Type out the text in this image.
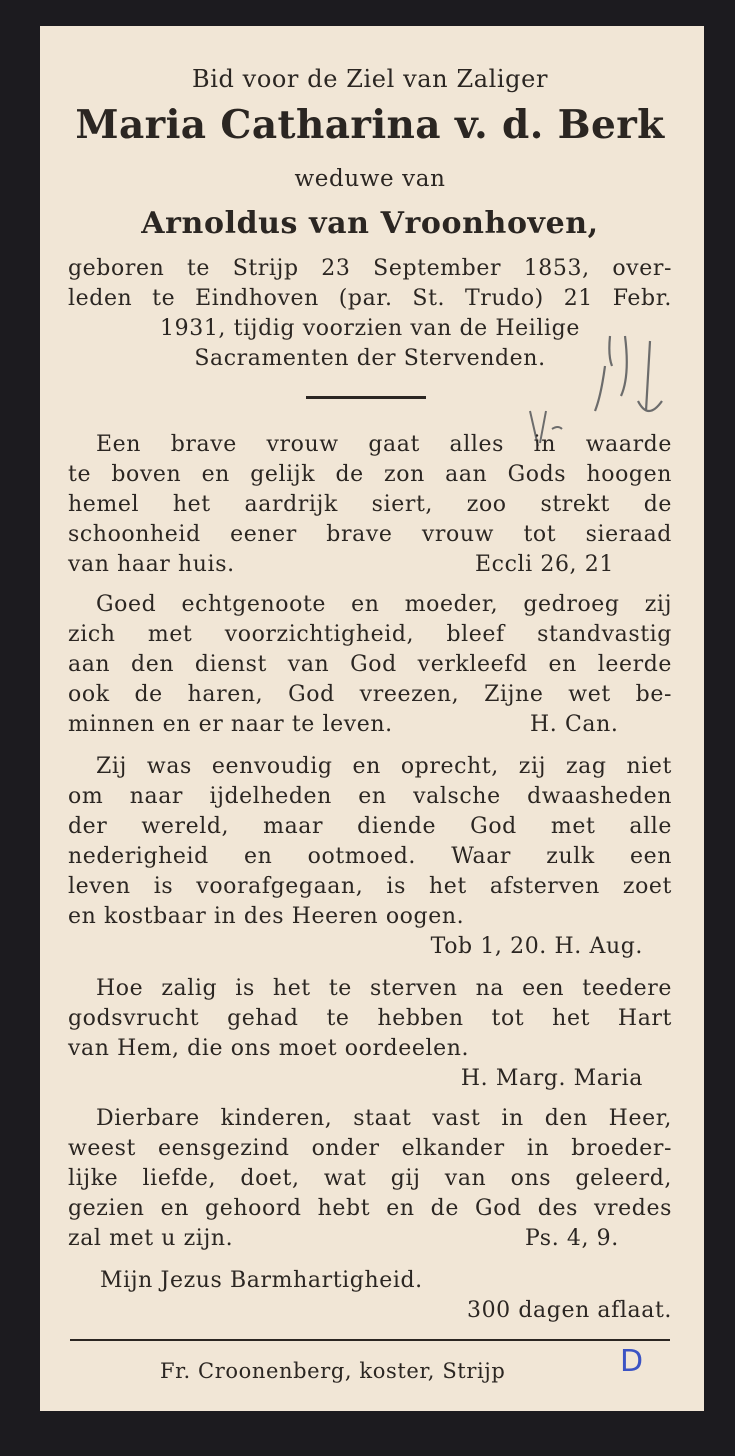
Bid voor de Ziel van Zaliger

Maria Catharina v. d. Berk

weduwe van

Arnoldus van Vroonhoven,

geboren te Strijp 23 September 1853, over-

leden te Eindhoven (par. St. Trudo) 21 Febr.

1931, tijdig voorzien van de Heilige

Sacramenten der Stervenden.

Een brave vrouw gaat alles in waarde

te boven en gelijk de zon aan Gods hoogen

hemel het aardrijk siert, zoo strekt de

schoonheid eener brave vrouw tot sieraad

van haar huis.	Eccli 26, 21

Goed echtgenoote en moeder, gedroeg zij

zich met voorzichtigheid, bleef standvastig

aan den dienst van God verkleefd en leerde

ook de haren, God vreezen, Zijne wet be-

minnen en er naar te leven.	H. Can.

Zij was eenvoudig en oprecht, zij zag niet

om naar ijdelheden en valsche dwaasheden

der wereld, maar diende God met alle

nederigheid en ootmoed. Waar zulk een

leven is voorafgegaan, is het afsterven zoet

en kostbaar in des Heeren oogen.

Tob 1, 20. H. Aug.

Hoe zalig is het te sterven na een teedere

godsvrucht gehad te hebben tot het Hart

van Hem, die ons moet oordeelen.

H. Marg. Maria

Dierbare kinderen, staat vast in den Heer,

weest eensgezind onder elkander in broeder-

lijke liefde, doet, wat gij van ons geleerd,

gezien en gehoord hebt en de God des vredes

zal met u zijn.	Ps. 4, 9.

Mijn Jezus Barmhartigheid.

300 dagen aflaat.

Fr. Croonenberg, koster, Strijp	D
